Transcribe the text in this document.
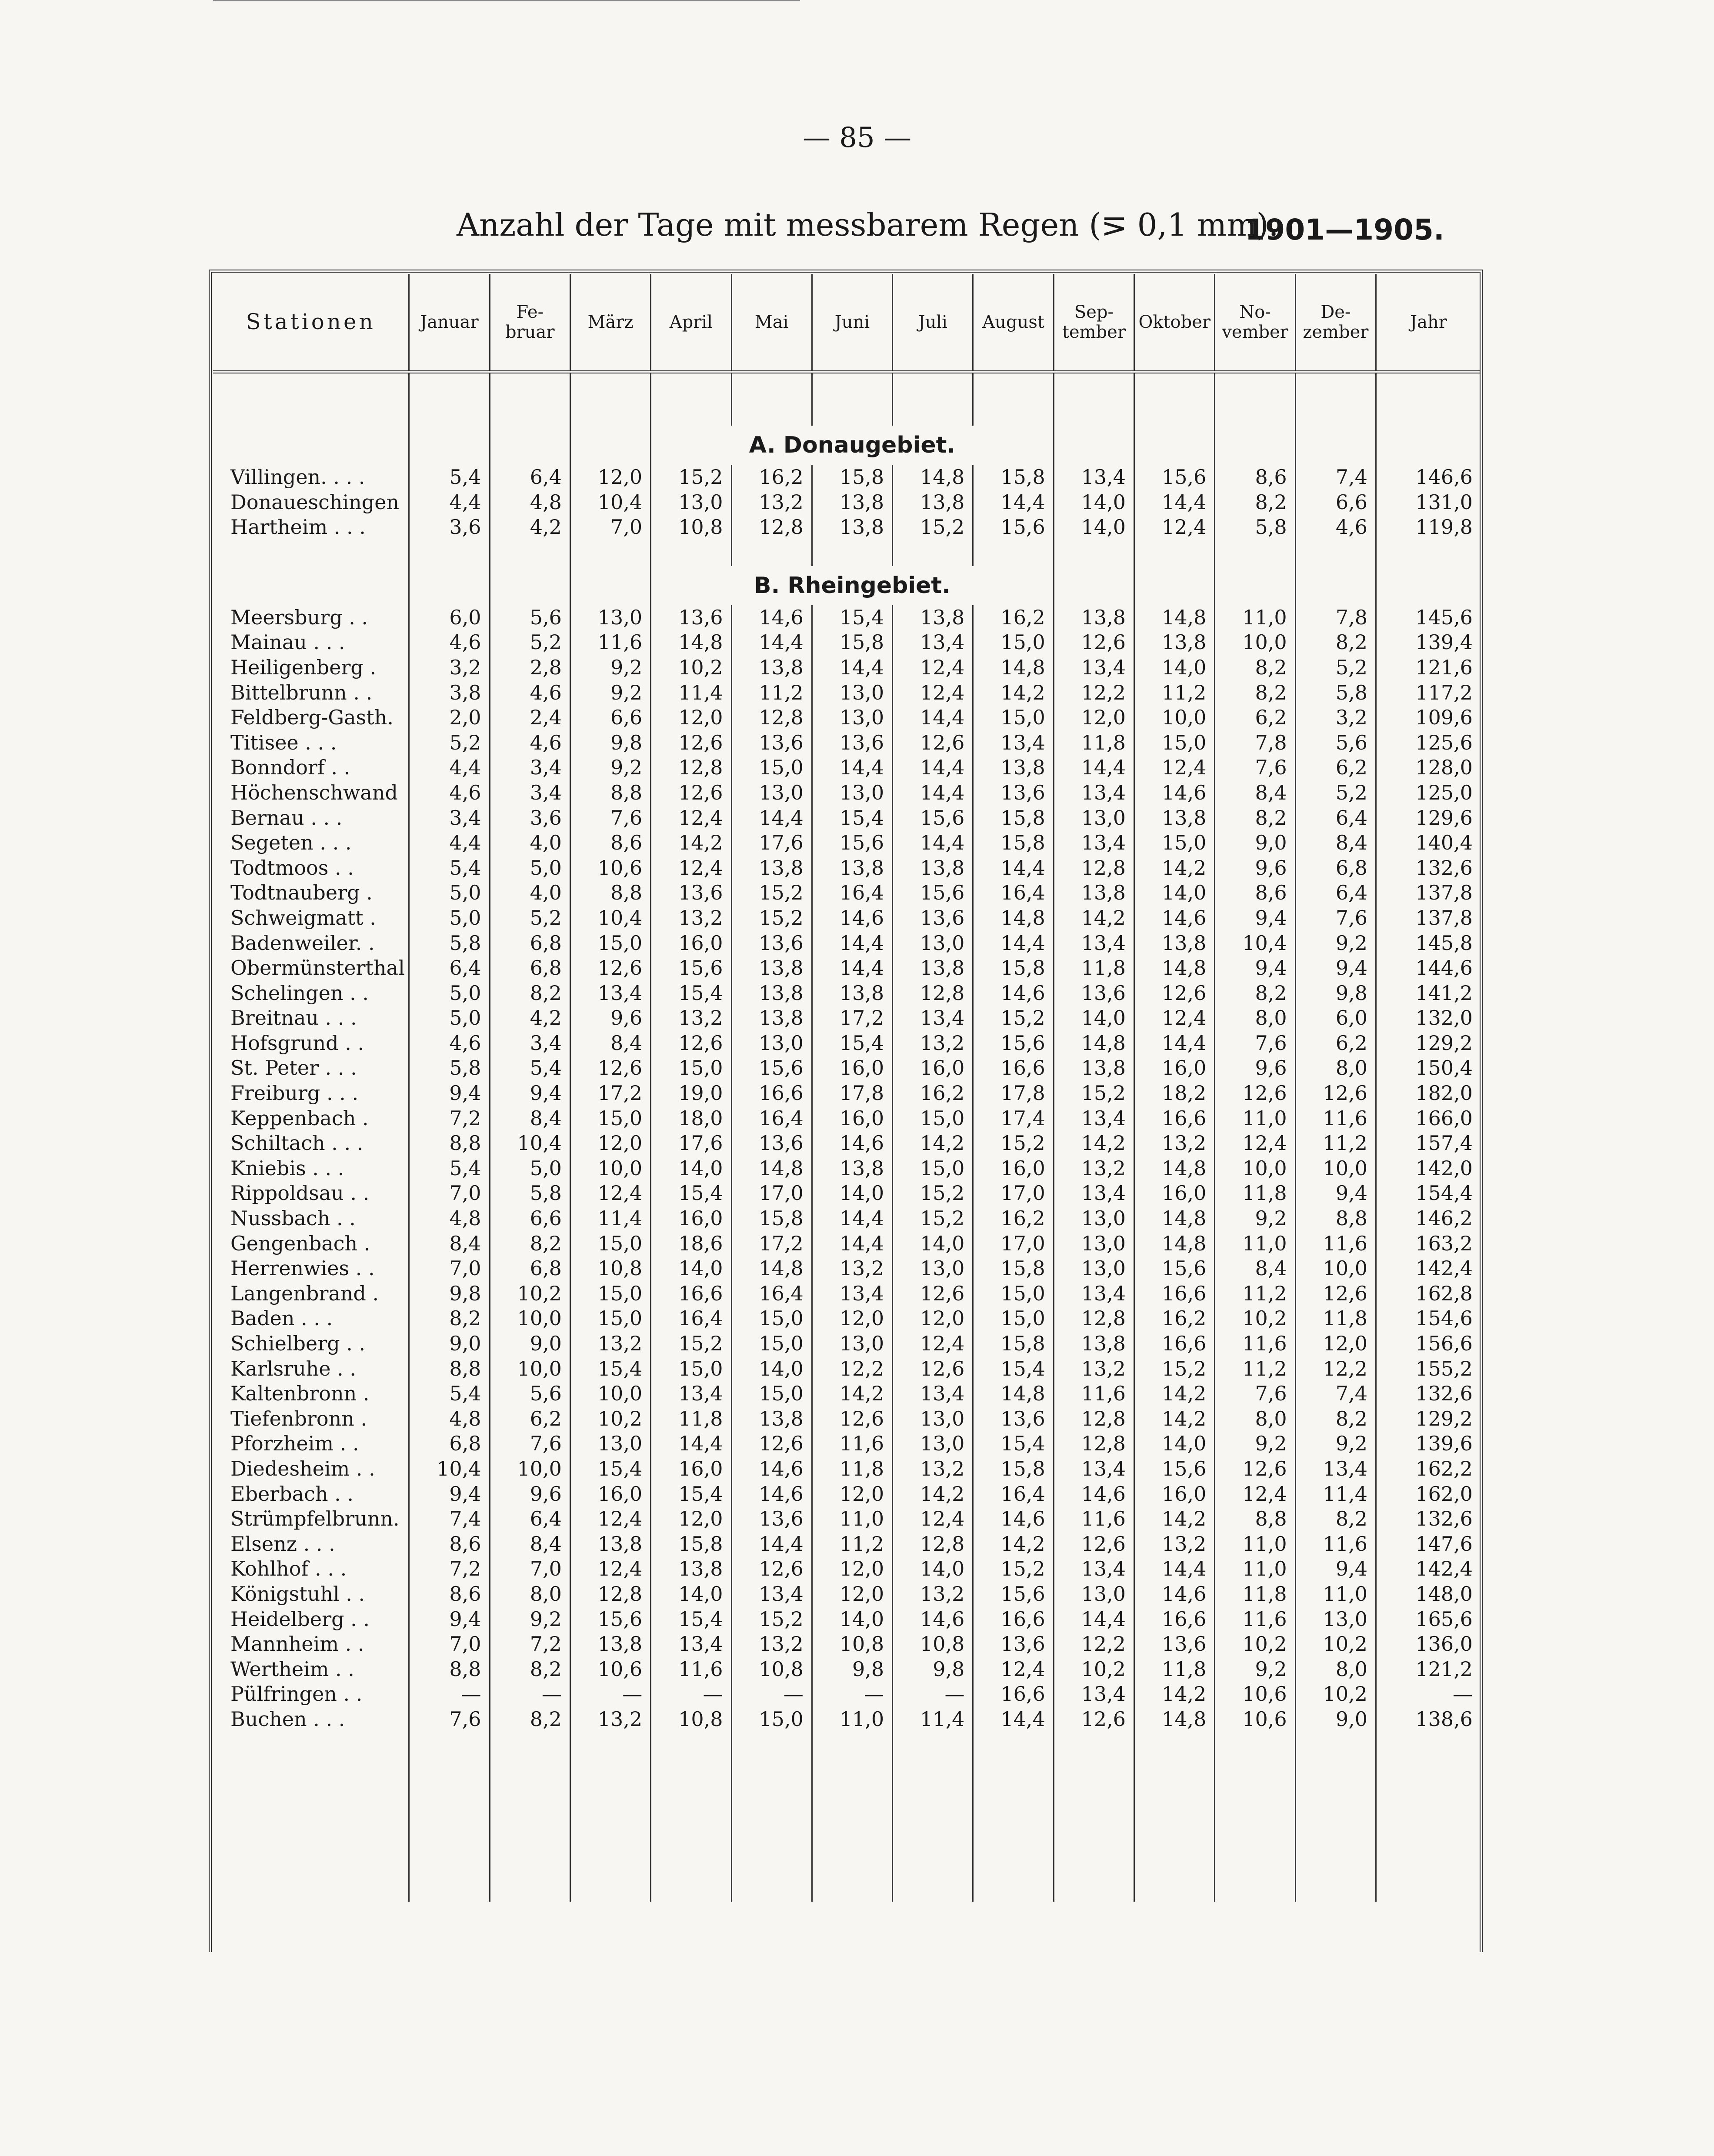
— 85 —
Anzahl der Tage mit messbarem Regen (⋝ 0,1 mm).
1901—1905.
Stationen	Januar	Fe-
bruar	März	April	Mai	Juni	Juli	August	Sep-
tember	Oktober	No-
vember	De-
zember	Jahr

					A. Donaugebiet.								
Villingen. . . .	5,4	6,4	12,0	15,2	16,2	15,8	14,8	15,8	13,4	15,6	8,6	7,4	146,6
Donaueschingen	4,4	4,8	10,4	13,0	13,2	13,8	13,8	14,4	14,0	14,4	8,2	6,6	131,0
Hartheim . . .	3,6	4,2	7,0	10,8	12,8	13,8	15,2	15,6	14,0	12,4	5,8	4,6	119,8

					B. Rheingebiet.								
Meersburg . .	6,0	5,6	13,0	13,6	14,6	15,4	13,8	16,2	13,8	14,8	11,0	7,8	145,6
Mainau . . .	4,6	5,2	11,6	14,8	14,4	15,8	13,4	15,0	12,6	13,8	10,0	8,2	139,4
Heiligenberg .	3,2	2,8	9,2	10,2	13,8	14,4	12,4	14,8	13,4	14,0	8,2	5,2	121,6
Bittelbrunn . .	3,8	4,6	9,2	11,4	11,2	13,0	12,4	14,2	12,2	11,2	8,2	5,8	117,2
Feldberg-Gasth.	2,0	2,4	6,6	12,0	12,8	13,0	14,4	15,0	12,0	10,0	6,2	3,2	109,6
Titisee . . .	5,2	4,6	9,8	12,6	13,6	13,6	12,6	13,4	11,8	15,0	7,8	5,6	125,6
Bonndorf . .	4,4	3,4	9,2	12,8	15,0	14,4	14,4	13,8	14,4	12,4	7,6	6,2	128,0
Höchenschwand	4,6	3,4	8,8	12,6	13,0	13,0	14,4	13,6	13,4	14,6	8,4	5,2	125,0
Bernau . . .	3,4	3,6	7,6	12,4	14,4	15,4	15,6	15,8	13,0	13,8	8,2	6,4	129,6
Segeten . . .	4,4	4,0	8,6	14,2	17,6	15,6	14,4	15,8	13,4	15,0	9,0	8,4	140,4
Todtmoos . .	5,4	5,0	10,6	12,4	13,8	13,8	13,8	14,4	12,8	14,2	9,6	6,8	132,6
Todtnauberg .	5,0	4,0	8,8	13,6	15,2	16,4	15,6	16,4	13,8	14,0	8,6	6,4	137,8
Schweigmatt .	5,0	5,2	10,4	13,2	15,2	14,6	13,6	14,8	14,2	14,6	9,4	7,6	137,8
Badenweiler. .	5,8	6,8	15,0	16,0	13,6	14,4	13,0	14,4	13,4	13,8	10,4	9,2	145,8
Obermünsterthal	6,4	6,8	12,6	15,6	13,8	14,4	13,8	15,8	11,8	14,8	9,4	9,4	144,6
Schelingen . .	5,0	8,2	13,4	15,4	13,8	13,8	12,8	14,6	13,6	12,6	8,2	9,8	141,2
Breitnau . . .	5,0	4,2	9,6	13,2	13,8	17,2	13,4	15,2	14,0	12,4	8,0	6,0	132,0
Hofsgrund . .	4,6	3,4	8,4	12,6	13,0	15,4	13,2	15,6	14,8	14,4	7,6	6,2	129,2
St. Peter . . .	5,8	5,4	12,6	15,0	15,6	16,0	16,0	16,6	13,8	16,0	9,6	8,0	150,4
Freiburg . . .	9,4	9,4	17,2	19,0	16,6	17,8	16,2	17,8	15,2	18,2	12,6	12,6	182,0
Keppenbach .	7,2	8,4	15,0	18,0	16,4	16,0	15,0	17,4	13,4	16,6	11,0	11,6	166,0
Schiltach . . .	8,8	10,4	12,0	17,6	13,6	14,6	14,2	15,2	14,2	13,2	12,4	11,2	157,4
Kniebis . . .	5,4	5,0	10,0	14,0	14,8	13,8	15,0	16,0	13,2	14,8	10,0	10,0	142,0
Rippoldsau . .	7,0	5,8	12,4	15,4	17,0	14,0	15,2	17,0	13,4	16,0	11,8	9,4	154,4
Nussbach . .	4,8	6,6	11,4	16,0	15,8	14,4	15,2	16,2	13,0	14,8	9,2	8,8	146,2
Gengenbach .	8,4	8,2	15,0	18,6	17,2	14,4	14,0	17,0	13,0	14,8	11,0	11,6	163,2
Herrenwies . .	7,0	6,8	10,8	14,0	14,8	13,2	13,0	15,8	13,0	15,6	8,4	10,0	142,4
Langenbrand .	9,8	10,2	15,0	16,6	16,4	13,4	12,6	15,0	13,4	16,6	11,2	12,6	162,8
Baden . . .	8,2	10,0	15,0	16,4	15,0	12,0	12,0	15,0	12,8	16,2	10,2	11,8	154,6
Schielberg . .	9,0	9,0	13,2	15,2	15,0	13,0	12,4	15,8	13,8	16,6	11,6	12,0	156,6
Karlsruhe . .	8,8	10,0	15,4	15,0	14,0	12,2	12,6	15,4	13,2	15,2	11,2	12,2	155,2
Kaltenbronn .	5,4	5,6	10,0	13,4	15,0	14,2	13,4	14,8	11,6	14,2	7,6	7,4	132,6
Tiefenbronn .	4,8	6,2	10,2	11,8	13,8	12,6	13,0	13,6	12,8	14,2	8,0	8,2	129,2
Pforzheim . .	6,8	7,6	13,0	14,4	12,6	11,6	13,0	15,4	12,8	14,0	9,2	9,2	139,6
Diedesheim . .	10,4	10,0	15,4	16,0	14,6	11,8	13,2	15,8	13,4	15,6	12,6	13,4	162,2
Eberbach . .	9,4	9,6	16,0	15,4	14,6	12,0	14,2	16,4	14,6	16,0	12,4	11,4	162,0
Strümpfelbrunn.	7,4	6,4	12,4	12,0	13,6	11,0	12,4	14,6	11,6	14,2	8,8	8,2	132,6
Elsenz . . .	8,6	8,4	13,8	15,8	14,4	11,2	12,8	14,2	12,6	13,2	11,0	11,6	147,6
Kohlhof . . .	7,2	7,0	12,4	13,8	12,6	12,0	14,0	15,2	13,4	14,4	11,0	9,4	142,4
Königstuhl . .	8,6	8,0	12,8	14,0	13,4	12,0	13,2	15,6	13,0	14,6	11,8	11,0	148,0
Heidelberg . .	9,4	9,2	15,6	15,4	15,2	14,0	14,6	16,6	14,4	16,6	11,6	13,0	165,6
Mannheim . .	7,0	7,2	13,8	13,4	13,2	10,8	10,8	13,6	12,2	13,6	10,2	10,2	136,0
Wertheim . .	8,8	8,2	10,6	11,6	10,8	9,8	9,8	12,4	10,2	11,8	9,2	8,0	121,2
Pülfringen . .	—	—	—	—	—	—	—	16,6	13,4	14,2	10,6	10,2	—
Buchen . . .	7,6	8,2	13,2	10,8	15,0	11,0	11,4	14,4	12,6	14,8	10,6	9,0	138,6
